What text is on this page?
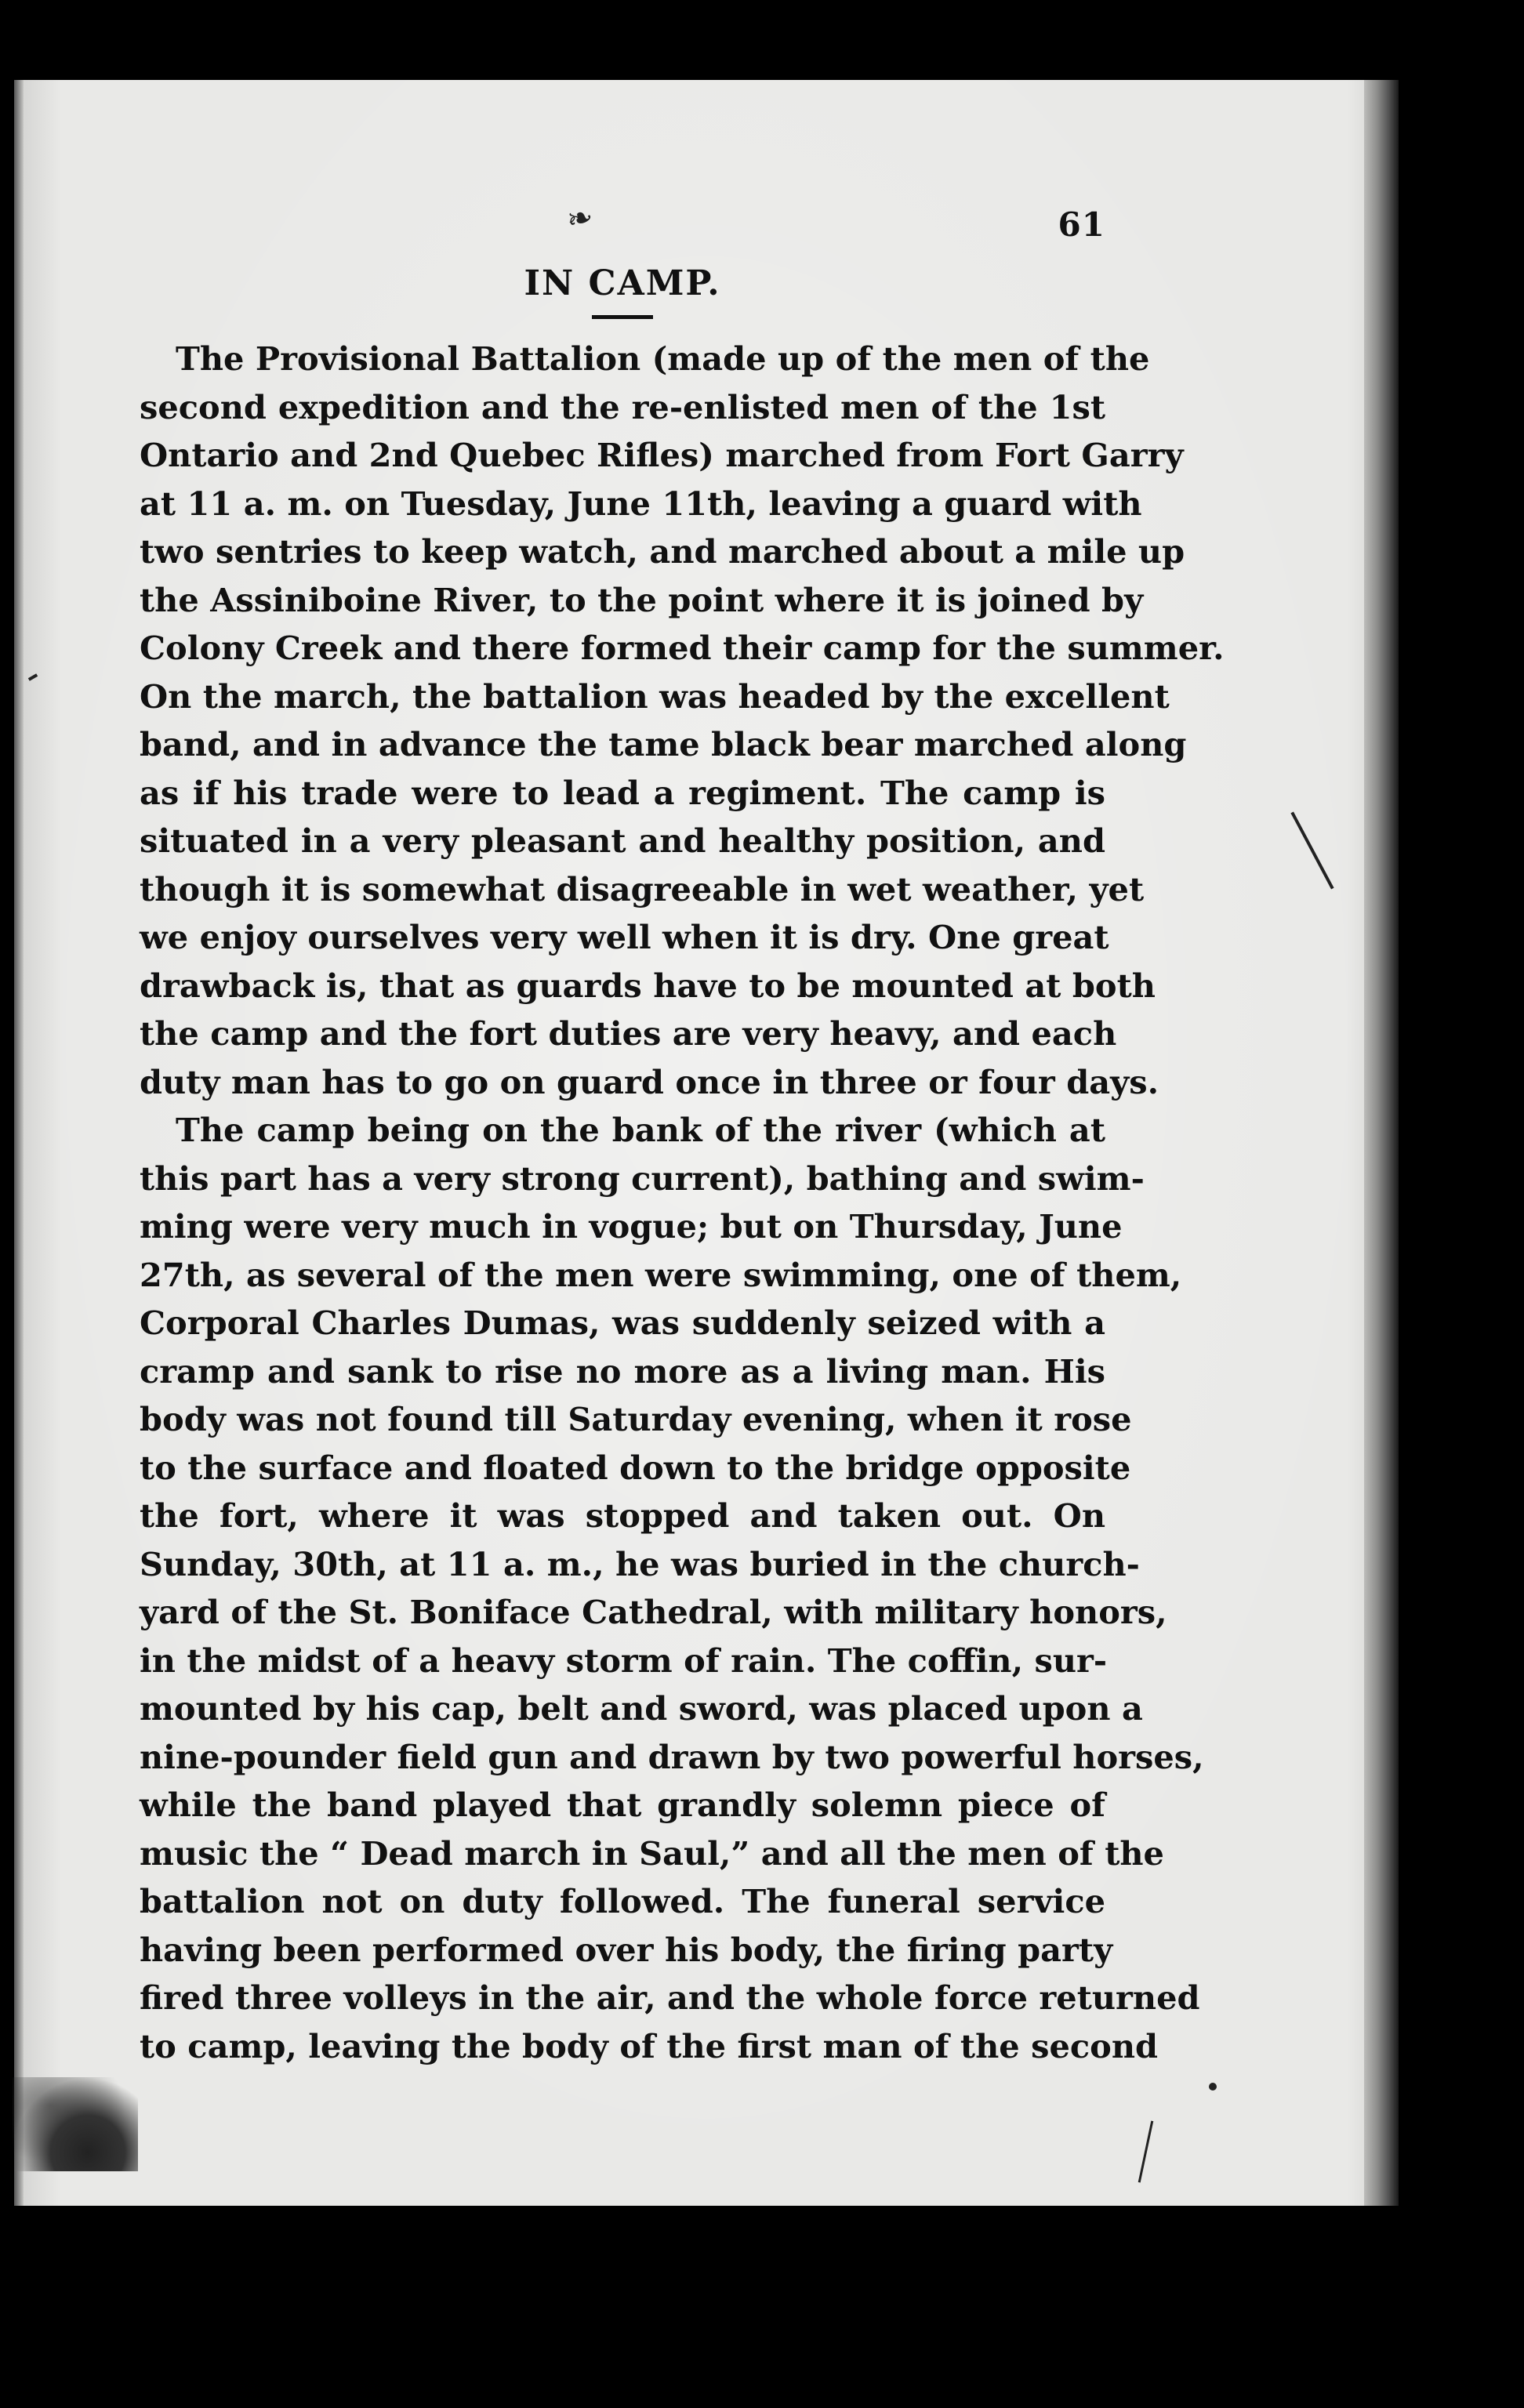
❧	61
IN CAMP.

The Provisional Battalion (made up of the men of the
second expedition and the re-enlisted men of the 1st
Ontario and 2nd Quebec Rifles) marched from Fort Garry
at 11 a. m. on Tuesday, June 11th, leaving a guard with
two sentries to keep watch, and marched about a mile up
the Assiniboine River, to the point where it is joined by
Colony Creek and there formed their camp for the summer.
On the march, the battalion was headed by the excellent
band, and in advance the tame black bear marched along
as if his trade were to lead a regiment. The camp is
situated in a very pleasant and healthy position, and
though it is somewhat disagreeable in wet weather, yet
we enjoy ourselves very well when it is dry. One great
drawback is, that as guards have to be mounted at both
the camp and the fort duties are very heavy, and each
duty man has to go on guard once in three or four days.

The camp being on the bank of the river (which at
this part has a very strong current), bathing and swim-
ming were very much in vogue; but on Thursday, June
27th, as several of the men were swimming, one of them,
Corporal Charles Dumas, was suddenly seized with a
cramp and sank to rise no more as a living man. His
body was not found till Saturday evening, when it rose
to the surface and floated down to the bridge opposite
the fort, where it was stopped and taken out. On
Sunday, 30th, at 11 a. m., he was buried in the church-
yard of the St. Boniface Cathedral, with military honors,
in the midst of a heavy storm of rain. The coffin, sur-
mounted by his cap, belt and sword, was placed upon a
nine-pounder field gun and drawn by two powerful horses,
while the band played that grandly solemn piece of
music the “ Dead march in Saul,” and all the men of the
battalion not on duty followed. The funeral service
having been performed over his body, the firing party
fired three volleys in the air, and the whole force returned
to camp, leaving the body of the first man of the second
